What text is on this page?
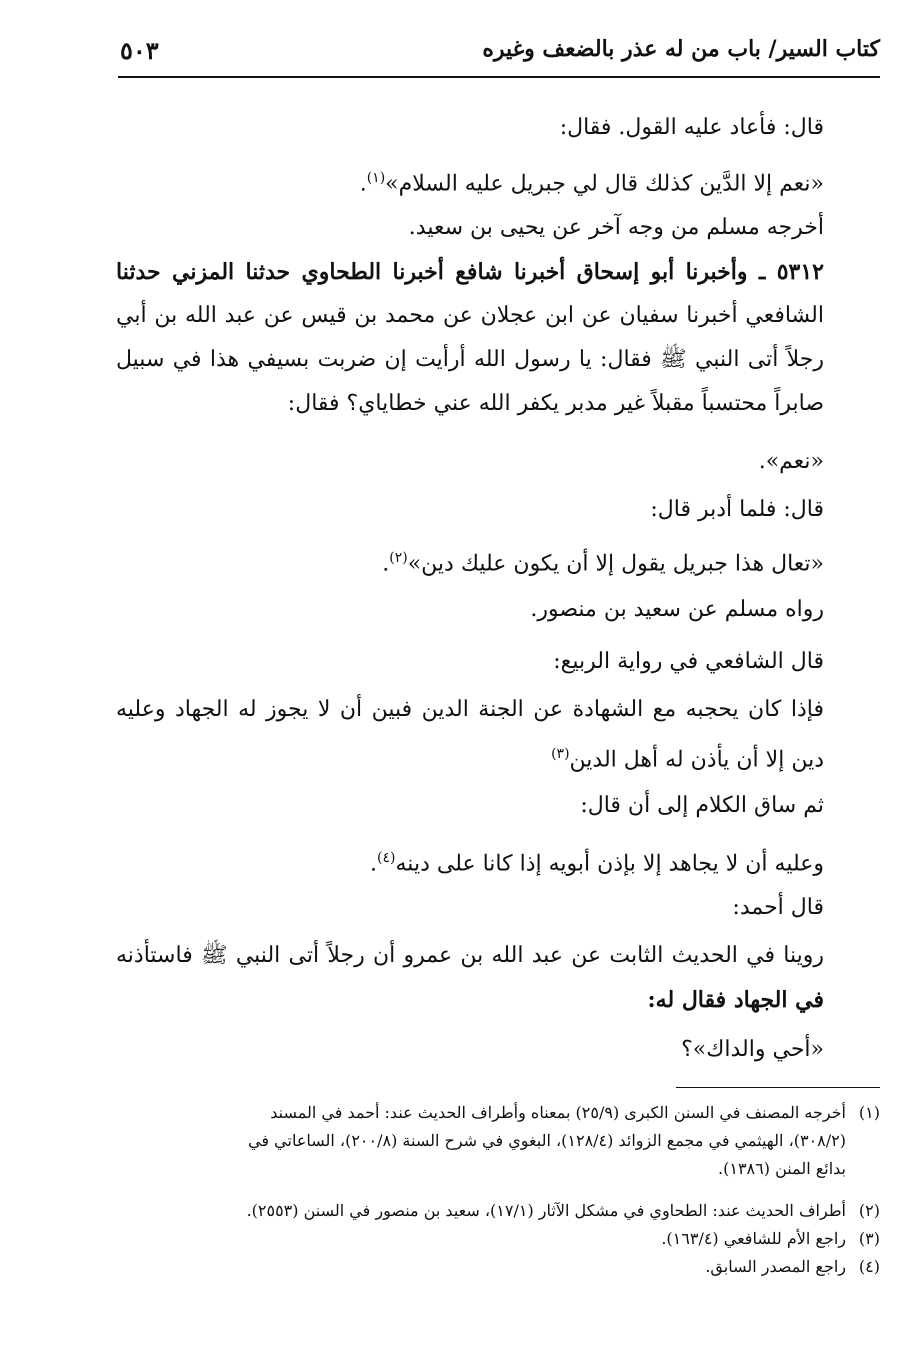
كتاب السير/ باب من له عذر بالضعف وغيره
٥٠٣
قال: فأعاد عليه القول. فقال:
«نعم إلا الدَّين كذلك قال لي جبريل عليه السلام»$^{(١)}$.
أخرجه مسلم من وجه آخر عن يحيى بن سعيد.
٥٣١٢ ـ وأخبرنا أبو إسحاق أخبرنا شافع أخبرنا الطحاوي حدثنا المزني حدثنا
الشافعي أخبرنا سفيان عن ابن عجلان عن محمد بن قيس عن عبد الله بن أبي
رجلاً أتى النبي ﷺ فقال: يا رسول الله أرأيت إن ضربت بسيفي هذا في سبيل
صابراً محتسباً مقبلاً غير مدبر يكفر الله عني خطاياي؟ فقال:
«نعم».
قال: فلما أدبر قال:
«تعال هذا جبريل يقول إلا أن يكون عليك دين»$^{(٢)}$.
رواه مسلم عن سعيد بن منصور.
قال الشافعي في رواية الربيع:
فإذا كان يحجبه مع الشهادة عن الجنة الدين فبين أن لا يجوز له الجهاد وعليه
دين إلا أن يأذن له أهل الدين$^{(٣)}$
ثم ساق الكلام إلى أن قال:
وعليه أن لا يجاهد إلا بإذن أبويه إذا كانا على دينه$^{(٤)}$.
قال أحمد:
روينا في الحديث الثابت عن عبد الله بن عمرو أن رجلاً أتى النبي ﷺ فاستأذنه
في الجهاد فقال له:
«أحي والداك»؟
(١)
أخرجه المصنف في السنن الكبرى (٢٥/٩) بمعناه وأطراف الحديث عند: أحمد في المسند
(٣٠٨/٢)، الهيثمي في مجمع الزوائد (١٢٨/٤)، البغوي في شرح السنة (٢٠٠/٨)، الساعاتي في
بدائع المنن (١٣٨٦).
(٢)
أطراف الحديث عند: الطحاوي في مشكل الآثار (١٧/١)، سعيد بن منصور في السنن (٢٥٥٣).
(٣)
راجع الأم للشافعي (١٦٣/٤).
(٤)
راجع المصدر السابق.
